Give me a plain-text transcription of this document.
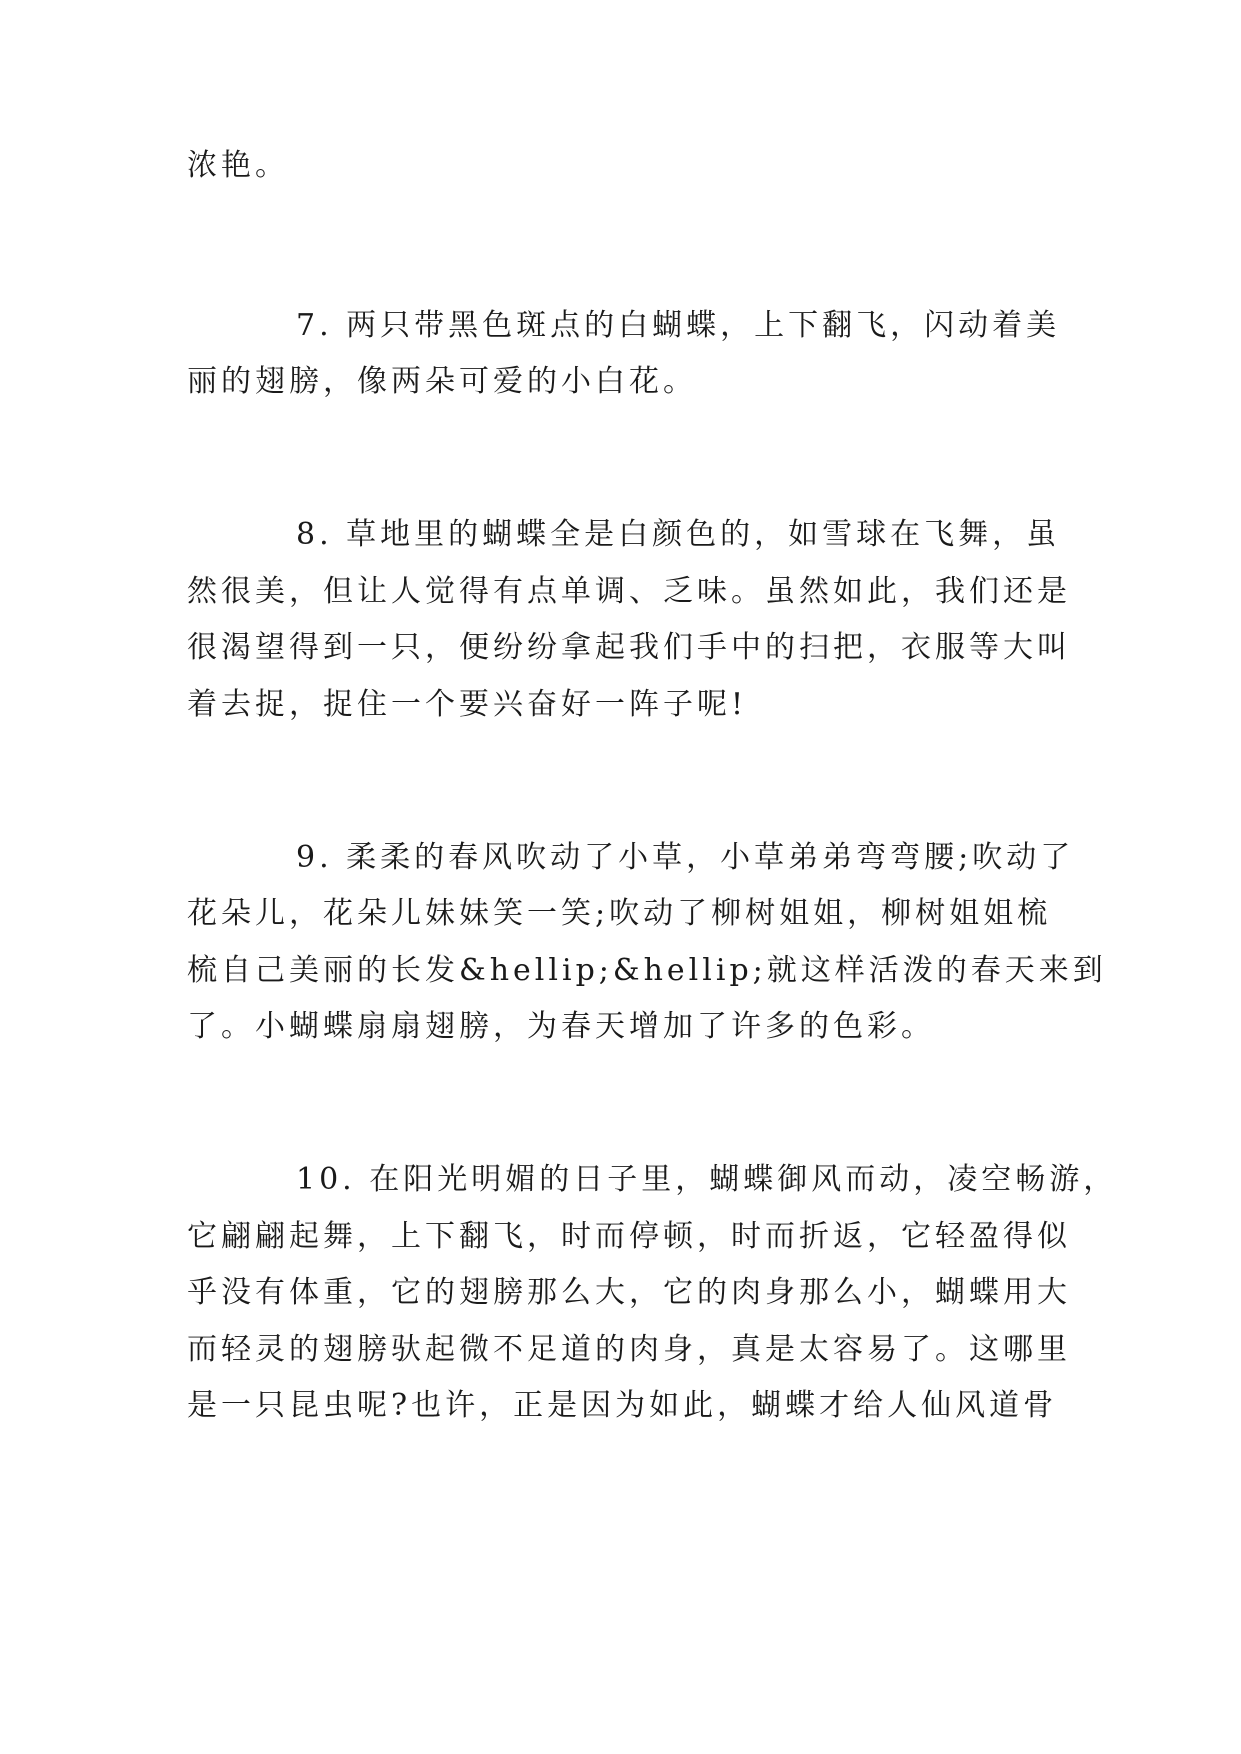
浓艳。
7. 两只带黑色斑点的白蝴蝶，上下翻飞，闪动着美
丽的翅膀，像两朵可爱的小白花。
8. 草地里的蝴蝶全是白颜色的，如雪球在飞舞，虽
然很美，但让人觉得有点单调、乏味。虽然如此，我们还是
很渴望得到一只，便纷纷拿起我们手中的扫把，衣服等大叫
着去捉，捉住一个要兴奋好一阵子呢!
9. 柔柔的春风吹动了小草，小草弟弟弯弯腰;吹动了
花朵儿，花朵儿妹妹笑一笑;吹动了柳树姐姐，柳树姐姐梳
梳自己美丽的长发&hellip;&hellip;就这样活泼的春天来到
了。小蝴蝶扇扇翅膀，为春天增加了许多的色彩。
10. 在阳光明媚的日子里，蝴蝶御风而动，凌空畅游，
它翩翩起舞，上下翻飞，时而停顿，时而折返，它轻盈得似
乎没有体重，它的翅膀那么大，它的肉身那么小，蝴蝶用大
而轻灵的翅膀驮起微不足道的肉身，真是太容易了。这哪里
是一只昆虫呢?也许，正是因为如此，蝴蝶才给人仙风道骨
